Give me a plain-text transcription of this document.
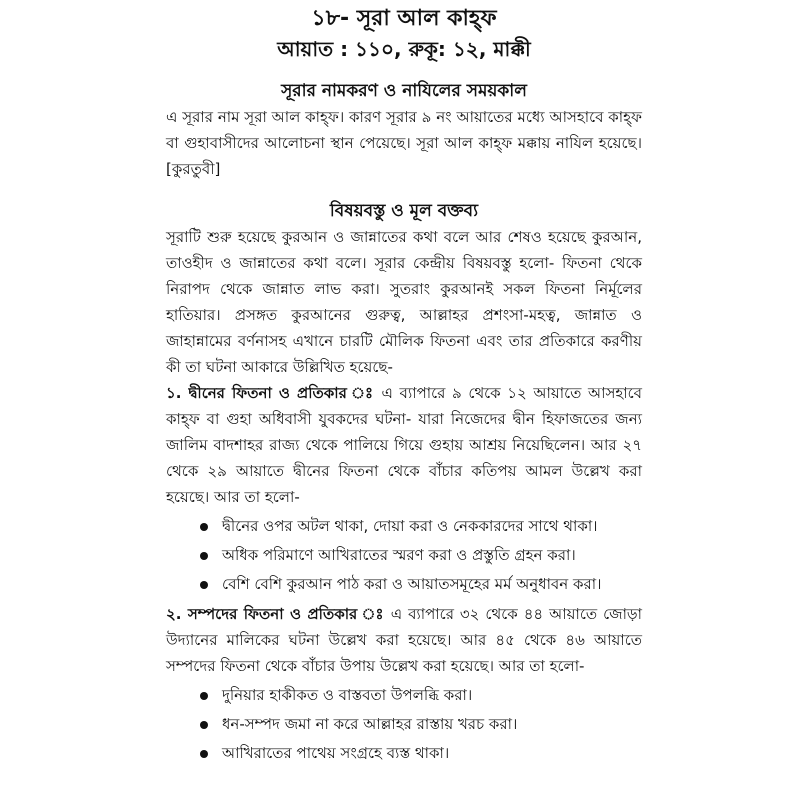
১৮- সূরা আল কাহ্ফ
আয়াত : ১১০, রুকূ: ১২, মাক্কী
সূরার নামকরণ ও নাযিলের সময়কাল

এ সূরার নাম সূরা আল কাহ্ফ। কারণ সূরার ৯ নং আয়াতের মধ্যে আসহাবে কাহ্ফ বা গুহাবাসীদের আলোচনা স্থান পেয়েছে। সূরা আল কাহ্ফ মক্কায় নাযিল হয়েছে। [কুরতুবী]

বিষয়বস্তু ও মূল বক্তব্য

সূরাটি শুরু হয়েছে কুরআন ও জান্নাতের কথা বলে আর শেষও হয়েছে কুরআন, তাওহীদ ও জান্নাতের কথা বলে। সূরার কেন্দ্রীয় বিষয়বস্তু হলো- ফিতনা থেকে নিরাপদ থেকে জান্নাত লাভ করা। সুতরাং কুরআনই সকল ফিতনা নির্মূলের হাতিয়ার। প্রসঙ্গত কুরআনের গুরুত্ব, আল্লাহর প্রশংসা-মহত্ব, জান্নাত ও জাহান্নামের বর্ণনাসহ এখানে চারটি মৌলিক ফিতনা এবং তার প্রতিকারে করণীয় কী তা ঘটনা আকারে উল্লিখিত হয়েছে-

১. দ্বীনের ফিতনা ও প্রতিকার ঃ এ ব্যাপারে ৯ থেকে ১২ আয়াতে আসহাবে কাহ্ফ বা গুহা অধিবাসী যুবকদের ঘটনা- যারা নিজেদের দ্বীন হিফাজতের জন্য জালিম বাদশাহর রাজ্য থেকে পালিয়ে গিয়ে গুহায় আশ্রয় নিয়েছিলেন। আর ২৭ থেকে ২৯ আয়াতে দ্বীনের ফিতনা থেকে বাঁচার কতিপয় আমল উল্লেখ করা হয়েছে। আর তা হলো-

দ্বীনের ওপর অটল থাকা, দোয়া করা ও নেককারদের সাথে থাকা।
অধিক পরিমাণে আখিরাতের স্মরণ করা ও প্রস্তুতি গ্রহন করা।
বেশি বেশি কুরআন পাঠ করা ও আয়াতসমূহের মর্ম অনুধাবন করা।

২. সম্পদের ফিতনা ও প্রতিকার ঃ এ ব্যাপারে ৩২ থেকে ৪৪ আয়াতে জোড়া উদ্যানের মালিকের ঘটনা উল্লেখ করা হয়েছে। আর ৪৫ থেকে ৪৬ আয়াতে সম্পদের ফিতনা থেকে বাঁচার উপায় উল্লেখ করা হয়েছে। আর তা হলো-

দুনিয়ার হাকীকত ও বাস্তবতা উপলব্ধি করা।
ধন-সম্পদ জমা না করে আল্লাহর রাস্তায় খরচ করা।
আখিরাতের পাথেয় সংগ্রহে ব্যস্ত থাকা।
